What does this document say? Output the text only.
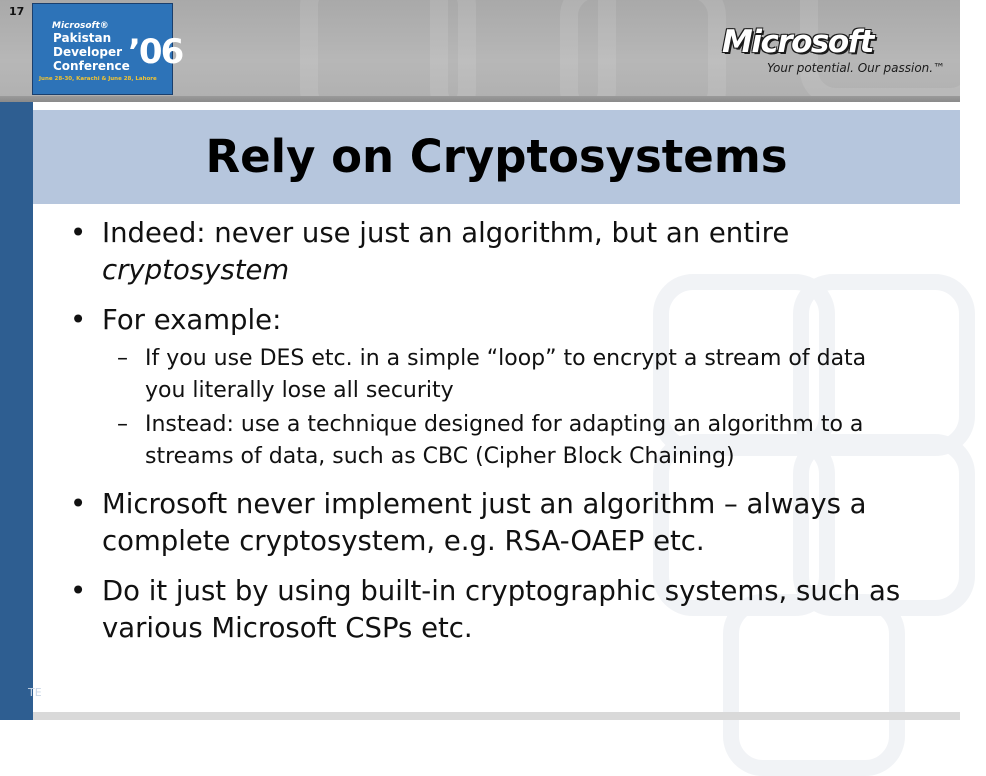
17
Microsoft®
Pakistan
Developer
Conference
’06
June 28-30, Karachi & June 28, Lahore
Microsoft
Your potential. Our passion.™
Rely on Cryptosystems
• Indeed: never use just an algorithm, but an entire cryptosystem
• For example:
– If you use DES etc. in a simple “loop” to encrypt a stream of data you literally lose all security
– Instead: use a technique designed for adapting an algorithm to a streams of data, such as CBC (Cipher Block Chaining)
• Microsoft never implement just an algorithm – always a complete cryptosystem, e.g. RSA-OAEP etc.
• Do it just by using built-in cryptographic systems, such as various Microsoft CSPs etc.
TE
